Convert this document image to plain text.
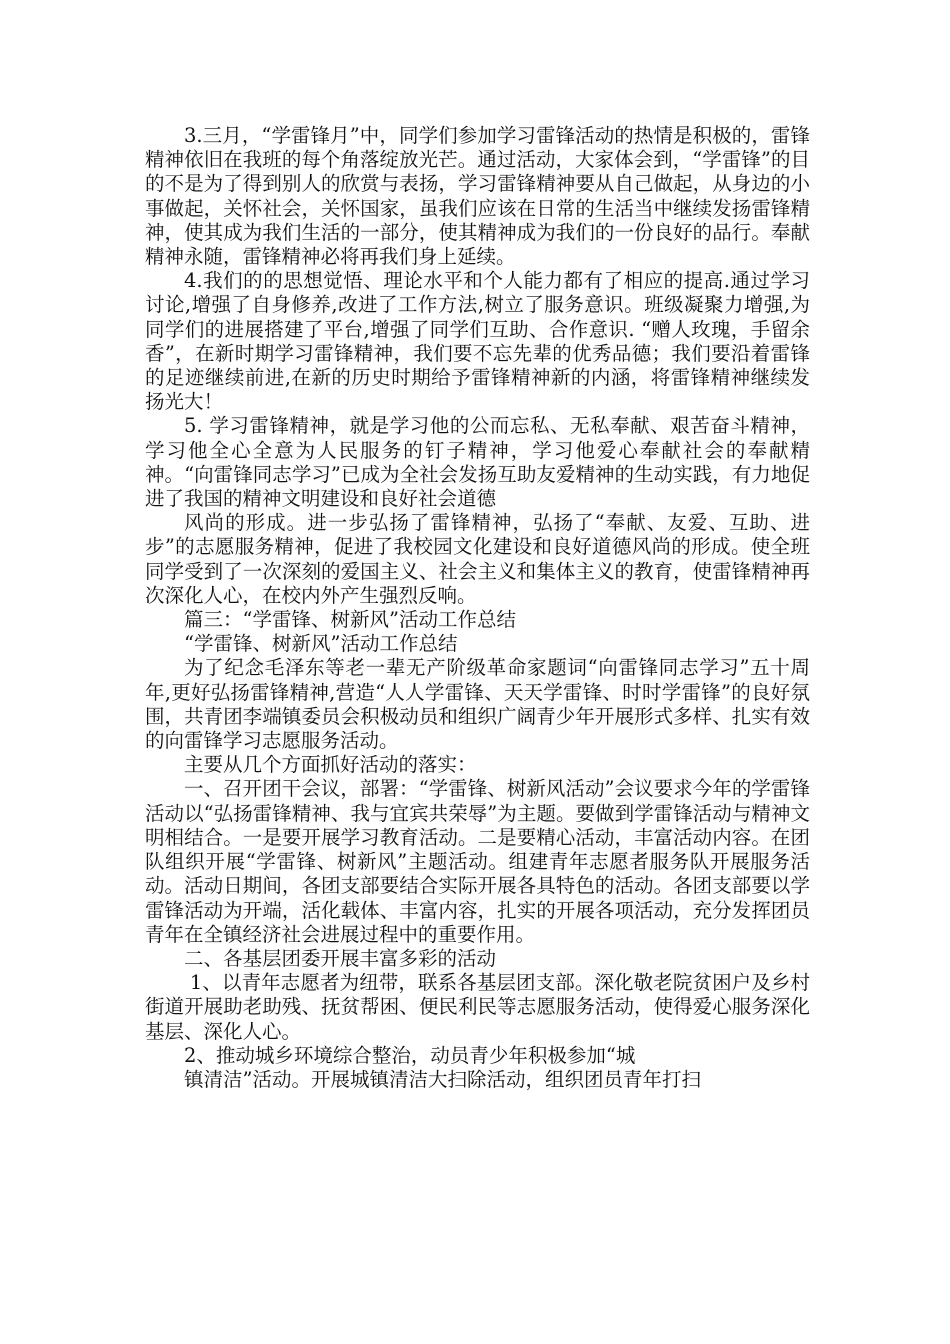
3.三月，“学雷锋月”中，同学们参加学习雷锋活动的热情是积极的，雷锋精神依旧在我班的每个角落绽放光芒。通过活动，大家体会到，“学雷锋”的目的不是为了得到别人的欣赏与表扬，学习雷锋精神要从自己做起，从身边的小事做起，关怀社会，关怀国家，虽我们应该在日常的生活当中继续发扬雷锋精神，使其成为我们生活的一部分，使其精神成为我们的一份良好的品行。奉献精神永随，雷锋精神必将再我们身上延续。

4.我们的的思想觉悟、理论水平和个人能力都有了相应的提高.通过学习讨论,增强了自身修养,改进了工作方法,树立了服务意识。班级凝聚力增强,为同学们的进展搭建了平台,增强了同学们互助、合作意识. “赠人玫瑰，手留余香”，在新时期学习雷锋精神，我们要不忘先辈的优秀品德；我们要沿着雷锋的足迹继续前进,在新的历史时期给予雷锋精神新的内涵，将雷锋精神继续发扬光大！

5. 学习雷锋精神，就是学习他的公而忘私、无私奉献、艰苦奋斗精神，学习他全心全意为人民服务的钉子精神，学习他爱心奉献社会的奉献精神。“向雷锋同志学习”已成为全社会发扬互助友爱精神的生动实践，有力地促进了我国的精神文明建设和良好社会道德

风尚的形成。进一步弘扬了雷锋精神，弘扬了“奉献、友爱、互助、进步”的志愿服务精神，促进了我校园文化建设和良好道德风尚的形成。使全班同学受到了一次深刻的爱国主义、社会主义和集体主义的教育，使雷锋精神再次深化人心，在校内外产生强烈反响。

篇三：“学雷锋、树新风”活动工作总结

“学雷锋、树新风”活动工作总结

为了纪念毛泽东等老一辈无产阶级革命家题词“向雷锋同志学习”五十周年,更好弘扬雷锋精神,营造“人人学雷锋、天天学雷锋、时时学雷锋”的良好氛围，共青团李端镇委员会积极动员和组织广阔青少年开展形式多样、扎实有效的向雷锋学习志愿服务活动。

主要从几个方面抓好活动的落实：

一、召开团干会议，部署：“学雷锋、树新风活动”会议要求今年的学雷锋活动以“弘扬雷锋精神、我与宜宾共荣辱”为主题。要做到学雷锋活动与精神文明相结合。一是要开展学习教育活动。二是要精心活动，丰富活动内容。在团队组织开展“学雷锋、树新风”主题活动。组建青年志愿者服务队开展服务活动。活动日期间，各团支部要结合实际开展各具特色的活动。各团支部要以学雷锋活动为开端，活化载体、丰富内容，扎实的开展各项活动，充分发挥团员青年在全镇经济社会进展过程中的重要作用。

二、各基层团委开展丰富多彩的活动

1、以青年志愿者为纽带，联系各基层团支部。深化敬老院贫困户及乡村街道开展助老助残、抚贫帮困、便民利民等志愿服务活动，使得爱心服务深化基层、深化人心。

2、推动城乡环境综合整治，动员青少年积极参加“城

镇清洁”活动。开展城镇清洁大扫除活动，组织团员青年打扫
